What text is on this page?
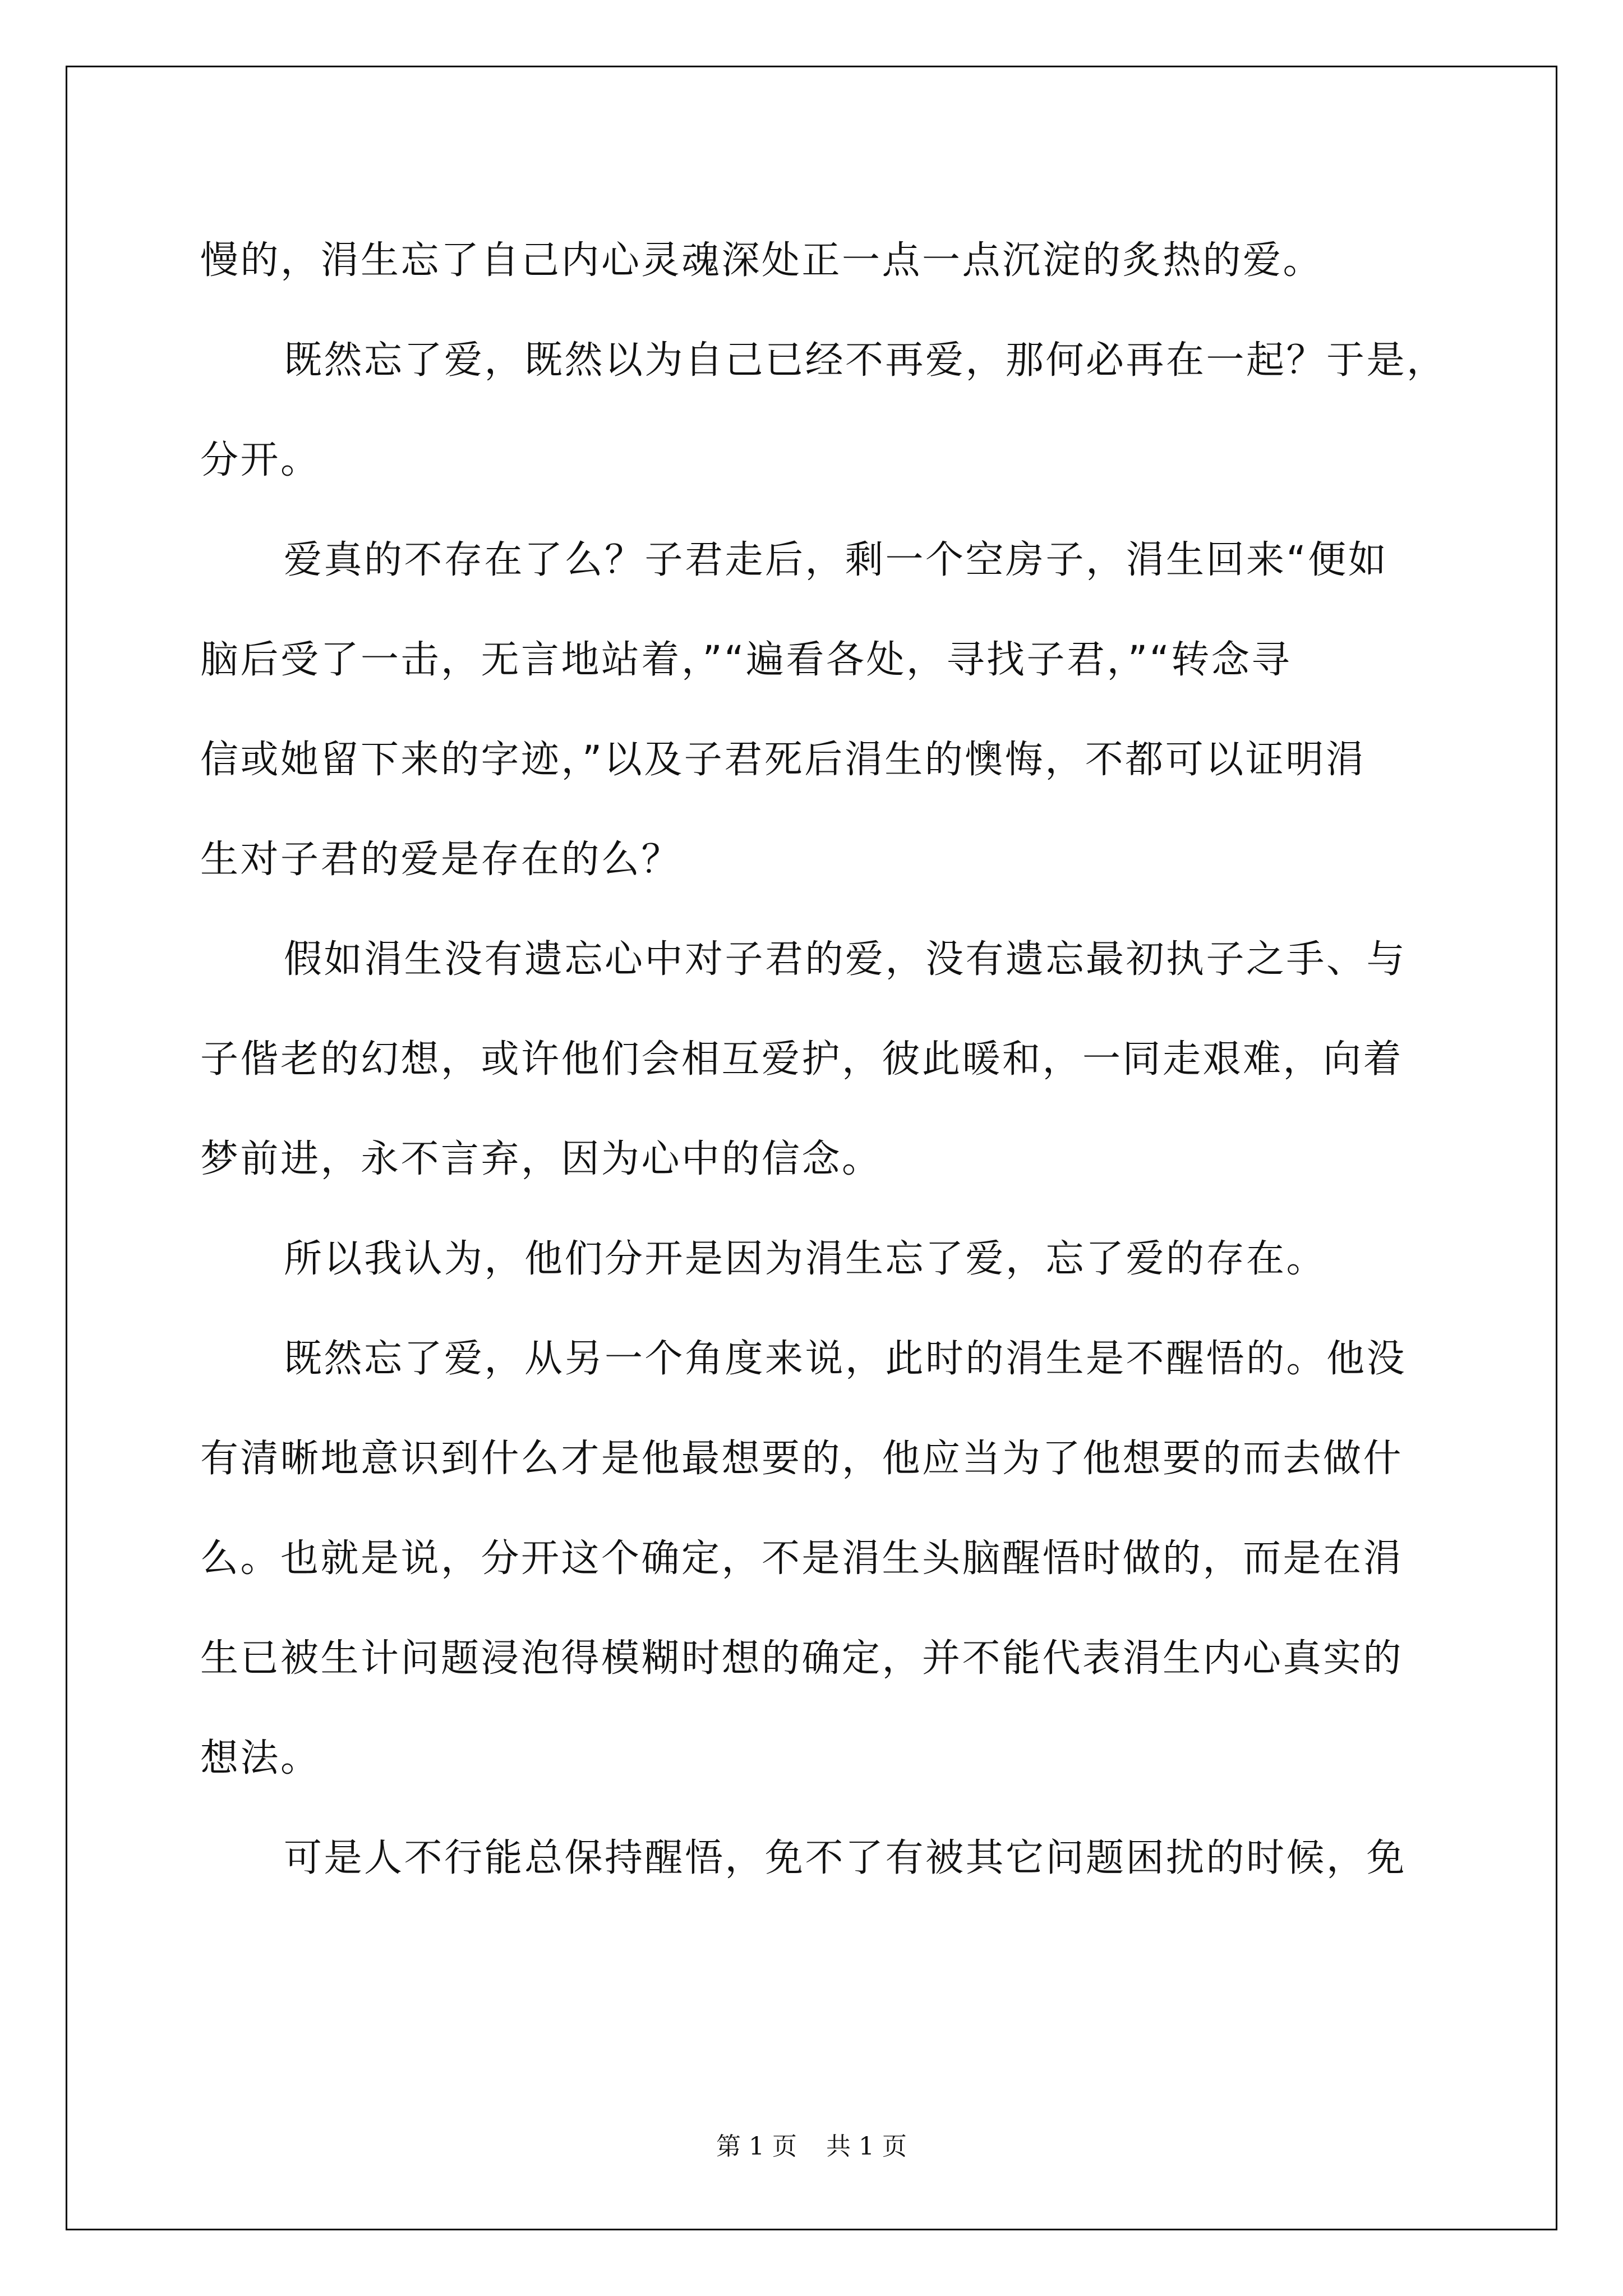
慢的，涓生忘了自己内心灵魂深处正一点一点沉淀的炙热的爱。
既然忘了爱，既然以为自己已经不再爱，那何必再在一起？于是，
分开。
爱真的不存在了么？子君走后，剩一个空房子，涓生回来“便如
脑后受了一击，无言地站着，”“遍看各处，寻找子君，”“转念寻
信或她留下来的字迹，”以及子君死后涓生的懊悔，不都可以证明涓
生对子君的爱是存在的么？
假如涓生没有遗忘心中对子君的爱，没有遗忘最初执子之手、与
子偕老的幻想，或许他们会相互爱护，彼此暖和，一同走艰难，向着
梦前进，永不言弃，因为心中的信念。
所以我认为，他们分开是因为涓生忘了爱，忘了爱的存在。
既然忘了爱，从另一个角度来说，此时的涓生是不醒悟的。他没
有清晰地意识到什么才是他最想要的，他应当为了他想要的而去做什
么。也就是说，分开这个确定，不是涓生头脑醒悟时做的，而是在涓
生已被生计问题浸泡得模糊时想的确定，并不能代表涓生内心真实的
想法。
可是人不行能总保持醒悟，免不了有被其它问题困扰的时候，免
第 1 页 共 1 页
